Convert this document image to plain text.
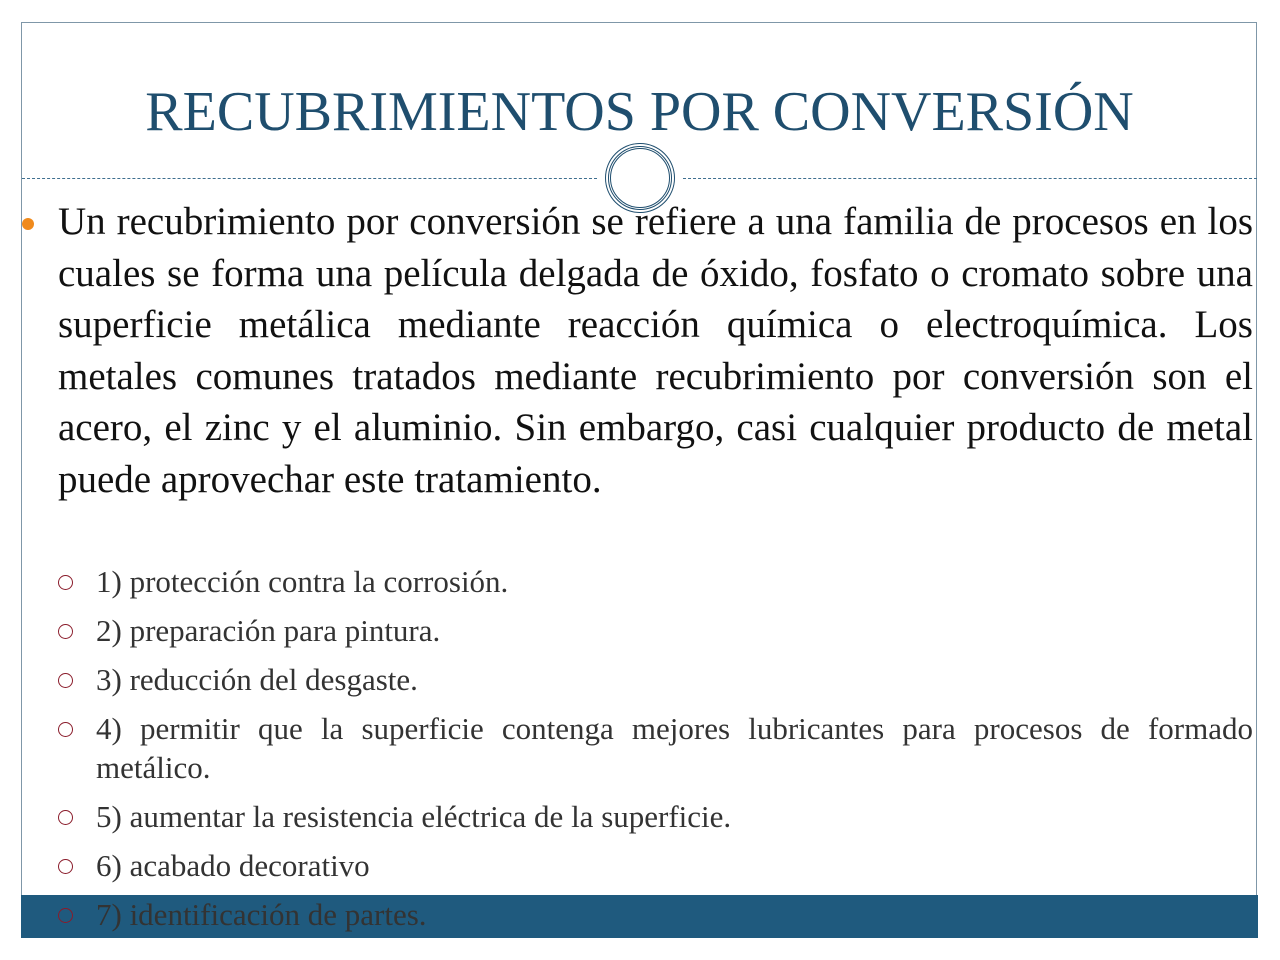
RECUBRIMIENTOS POR CONVERSIÓN
Un recubrimiento por conversión se refiere a una familia de procesos en los cuales se forma una película delgada de óxido, fosfato o cromato sobre una superficie metálica mediante reacción química o electroquímica. Los metales comunes tratados mediante recubrimiento por conversión son el acero, el zinc y el aluminio. Sin embargo, casi cualquier producto de metal puede aprovechar este tratamiento.
1) protección contra la corrosión.
2) preparación para pintura.
3) reducción del desgaste.
4) permitir que la superficie contenga mejores lubricantes para procesos de formado metálico.
5) aumentar la resistencia eléctrica de la superficie.
6) acabado decorativo
7) identificación de partes.
